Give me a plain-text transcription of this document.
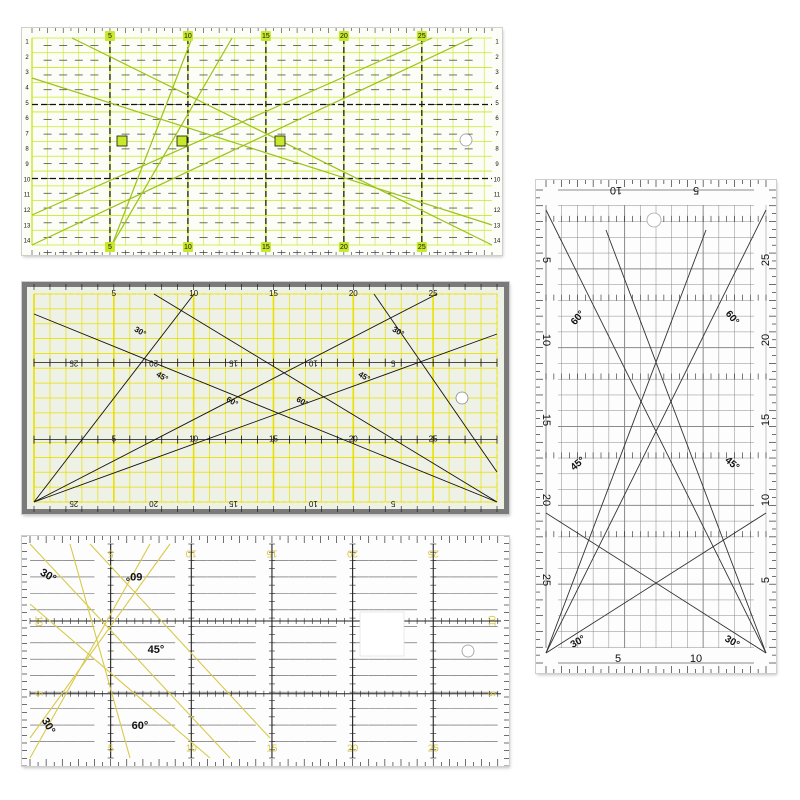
1	1
2	2
3	3
4	4
5	5
6	6
7	7
8	8
9	9
10	10
11	11
12	12
13	13
14	14
5	10	15	20	25
5	10	15	20	25
5	10	15	20	25
25	20	15	10	5
5	10	15	20	25
25	20	15	10	5
30°	30°
45°	45°
60°	60°
5	10	15	20	25
5	10	15	20	25
10
5
10
5
30°	60°
45°
30°	60°
10	5
5	10
5
10
15
20
25
25
20
15
10
5
60°	60°
45°	45°
30°	30°
